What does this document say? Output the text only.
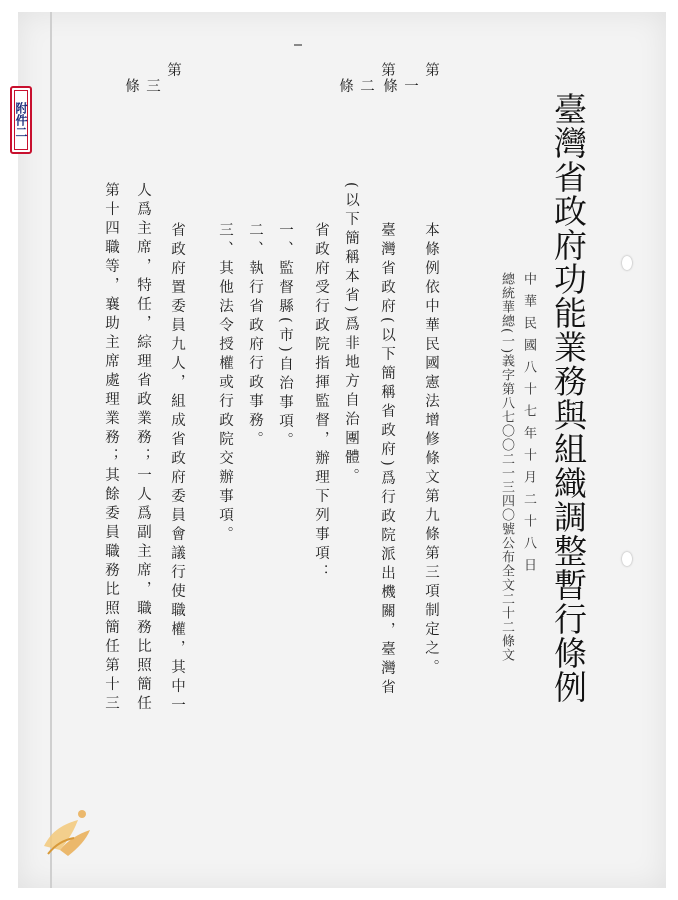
附件二	臺灣省政府功能業務與組織調整暫行條例
中華民國八十七年十月二十八日
總統華總(一)義字第八七〇〇二一三四〇號公布全文二十二條文
第
一
條
本條例依中華民國憲法增修條文第九條第三項制定之。
第
二
條
臺灣省政府(以下簡稱省政府)爲行政院派出機關，臺灣省
(以下簡稱本省)爲非地方自治團體。
省政府受行政院指揮監督，辦理下列事項：
一、監督縣(市)自治事項。
二、執行省政府行政事務。
三、其他法令授權或行政院交辦事項。
第
三
條
省政府置委員九人，組成省政府委員會議行使職權，其中一
人爲主席，特任，綜理省政業務；一人爲副主席，職務比照簡任
第十四職等，襄助主席處理業務；其餘委員職務比照簡任第十三
